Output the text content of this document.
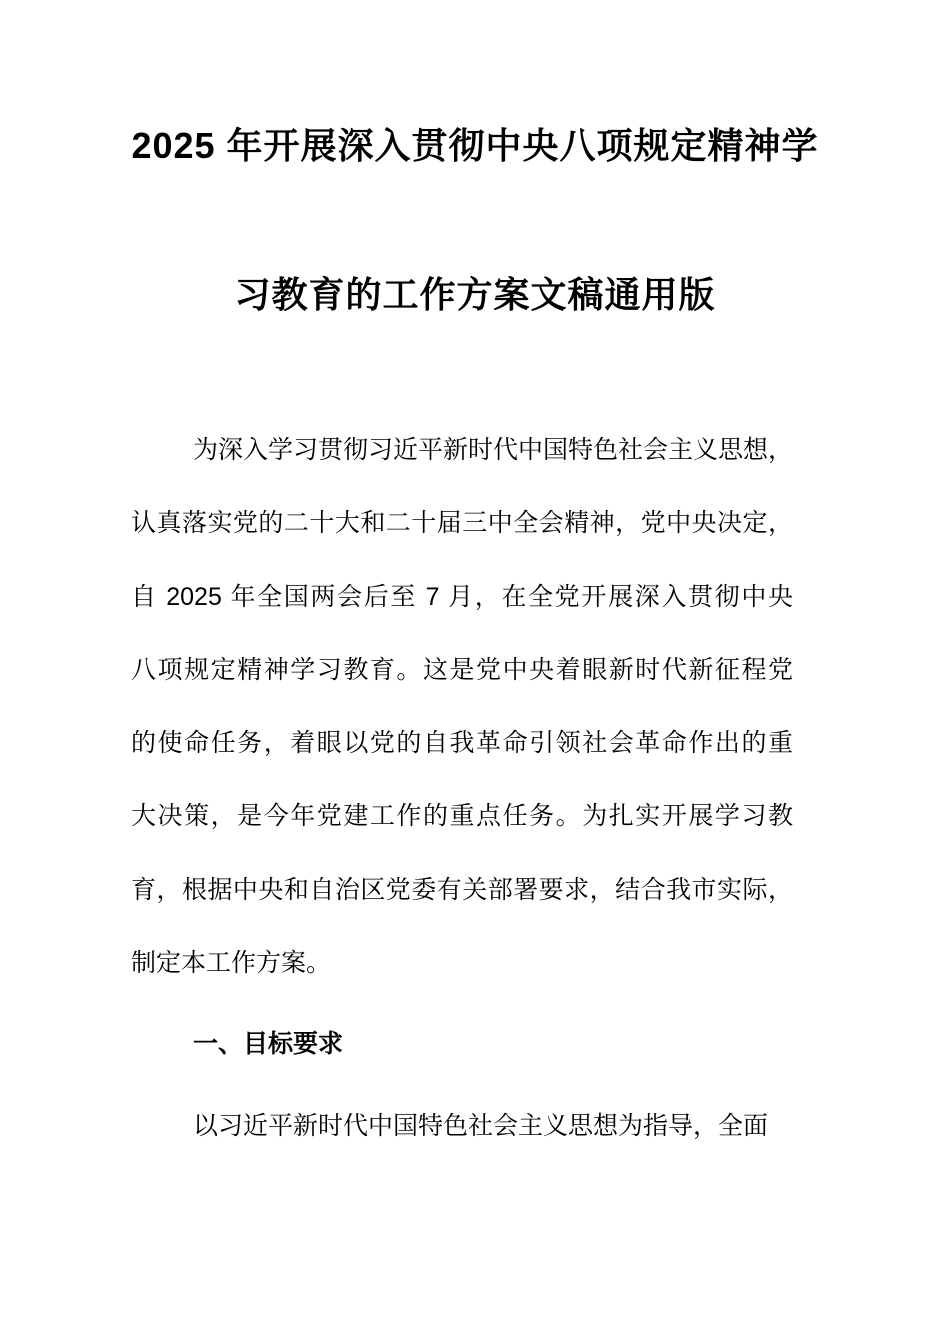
2025 年开展深入贯彻中央八项规定精神学
习教育的工作方案文稿通用版
为深入学习贯彻习近平新时代中国特色社会主义思想，
认真落实党的二十大和二十届三中全会精神，党中央决定，
自 2025 年全国两会后至 7 月，在全党开展深入贯彻中央
八项规定精神学习教育。这是党中央着眼新时代新征程党
的使命任务，着眼以党的自我革命引领社会革命作出的重
大决策，是今年党建工作的重点任务。为扎实开展学习教
育，根据中央和自治区党委有关部署要求，结合我市实际，
制定本工作方案。
一、目标要求
以习近平新时代中国特色社会主义思想为指导，全面
